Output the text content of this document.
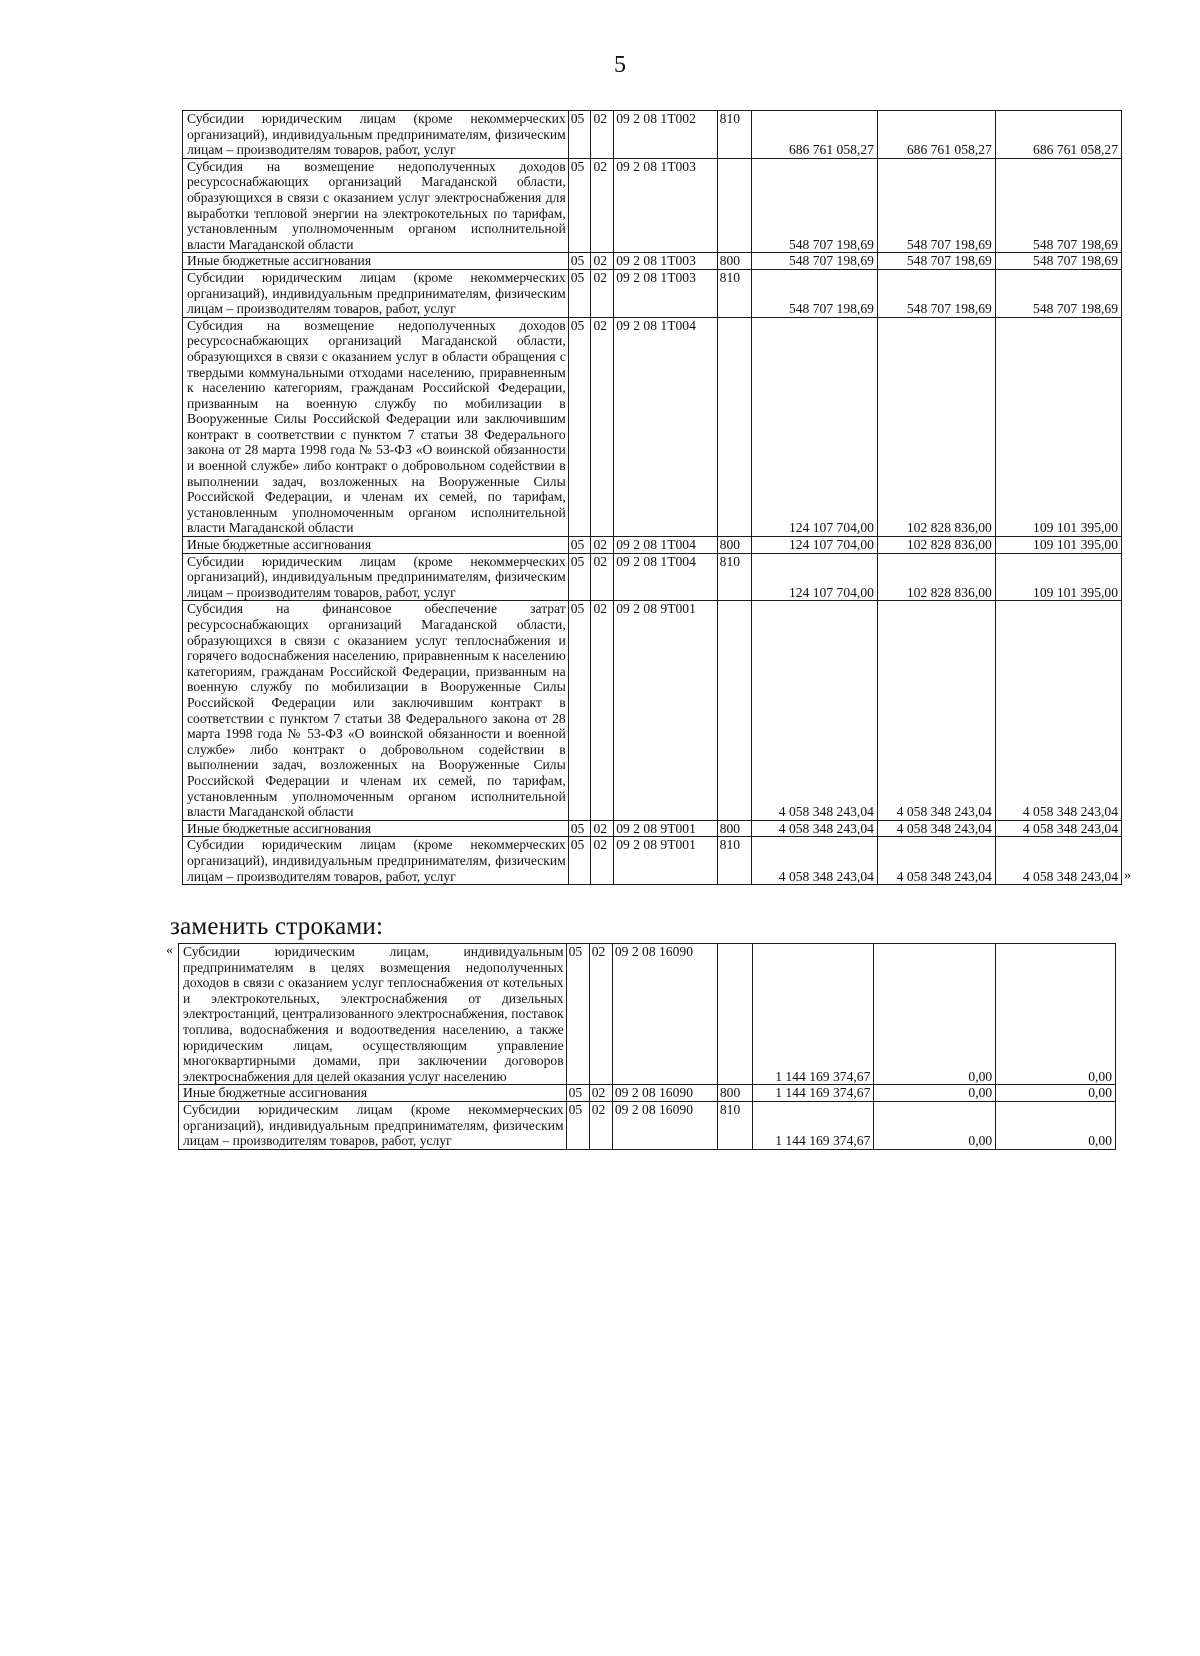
5
Субсидии юридическим лицам (кроме некоммерческих организаций), индивидуальным предпринимателям, физическим лицам – производителям товаров, работ, услуг	05	02	09 2 08 1Т002	810	686 761 058,27	686 761 058,27	686 761 058,27
Субсидия на возмещение недополученных доходов ресурсоснабжающих организаций Магаданской области, образующихся в связи с оказанием услуг электроснабжения для выработки тепловой энергии на электрокотельных по тарифам, установленным уполномоченным органом исполнительной власти Магаданской области	05	02	09 2 08 1Т003		548 707 198,69	548 707 198,69	548 707 198,69
Иные бюджетные ассигнования	05	02	09 2 08 1Т003	800	548 707 198,69	548 707 198,69	548 707 198,69
Субсидии юридическим лицам (кроме некоммерческих организаций), индивидуальным предпринимателям, физическим лицам – производителям товаров, работ, услуг	05	02	09 2 08 1Т003	810	548 707 198,69	548 707 198,69	548 707 198,69
Субсидия на возмещение недополученных доходов ресурсоснабжающих организаций Магаданской области, образующихся в связи с оказанием услуг в области обращения с твердыми коммунальными отходами населению, приравненным к населению категориям, гражданам Российской Федерации, призванным на военную службу по мобилизации в Вооруженные Силы Российской Федерации или заключившим контракт в соответствии с пунктом 7 статьи 38 Федерального закона от 28 марта 1998 года № 53-ФЗ «О воинской обязанности и военной службе» либо контракт о добровольном содействии в выполнении задач, возложенных на Вооруженные Силы Российской Федерации, и членам их семей, по тарифам, установленным уполномоченным органом исполнительной власти Магаданской области	05	02	09 2 08 1Т004		124 107 704,00	102 828 836,00	109 101 395,00
Иные бюджетные ассигнования	05	02	09 2 08 1Т004	800	124 107 704,00	102 828 836,00	109 101 395,00
Субсидии юридическим лицам (кроме некоммерческих организаций), индивидуальным предпринимателям, физическим лицам – производителям товаров, работ, услуг	05	02	09 2 08 1Т004	810	124 107 704,00	102 828 836,00	109 101 395,00
Субсидия на финансовое обеспечение затрат ресурсоснабжающих организаций Магаданской области, образующихся в связи с оказанием услуг теплоснабжения и горячего водоснабжения населению, приравненным к населению категориям, гражданам Российской Федерации, призванным на военную службу по мобилизации в Вооруженные Силы Российской Федерации или заключившим контракт в соответствии с пунктом 7 статьи 38 Федерального закона от 28 марта 1998 года № 53-ФЗ «О воинской обязанности и военной службе» либо контракт о добровольном содействии в выполнении задач, возложенных на Вооруженные Силы Российской Федерации и членам их семей, по тарифам, установленным уполномоченным органом исполнительной власти Магаданской области	05	02	09 2 08 9Т001		4 058 348 243,04	4 058 348 243,04	4 058 348 243,04
Иные бюджетные ассигнования	05	02	09 2 08 9Т001	800	4 058 348 243,04	4 058 348 243,04	4 058 348 243,04
Субсидии юридическим лицам (кроме некоммерческих организаций), индивидуальным предпринимателям, физическим лицам – производителям товаров, работ, услуг	05	02	09 2 08 9Т001	810	4 058 348 243,04	4 058 348 243,04	4 058 348 243,04 »
заменить строками:
« Субсидии юридическим лицам, индивидуальным предпринимателям в целях возмещения недополученных доходов в связи с оказанием услуг теплоснабжения от котельных и электрокотельных, электроснабжения от дизельных электростанций, централизованного электроснабжения, поставок топлива, водоснабжения и водоотведения населению, а также юридическим лицам, осуществляющим управление многоквартирными домами, при заключении договоров электроснабжения для целей оказания услуг населению	05	02	09 2 08 16090		1 144 169 374,67	0,00	0,00
Иные бюджетные ассигнования	05	02	09 2 08 16090	800	1 144 169 374,67	0,00	0,00
Субсидии юридическим лицам (кроме некоммерческих организаций), индивидуальным предпринимателям, физическим лицам – производителям товаров, работ, услуг	05	02	09 2 08 16090	810	1 144 169 374,67	0,00	0,00
